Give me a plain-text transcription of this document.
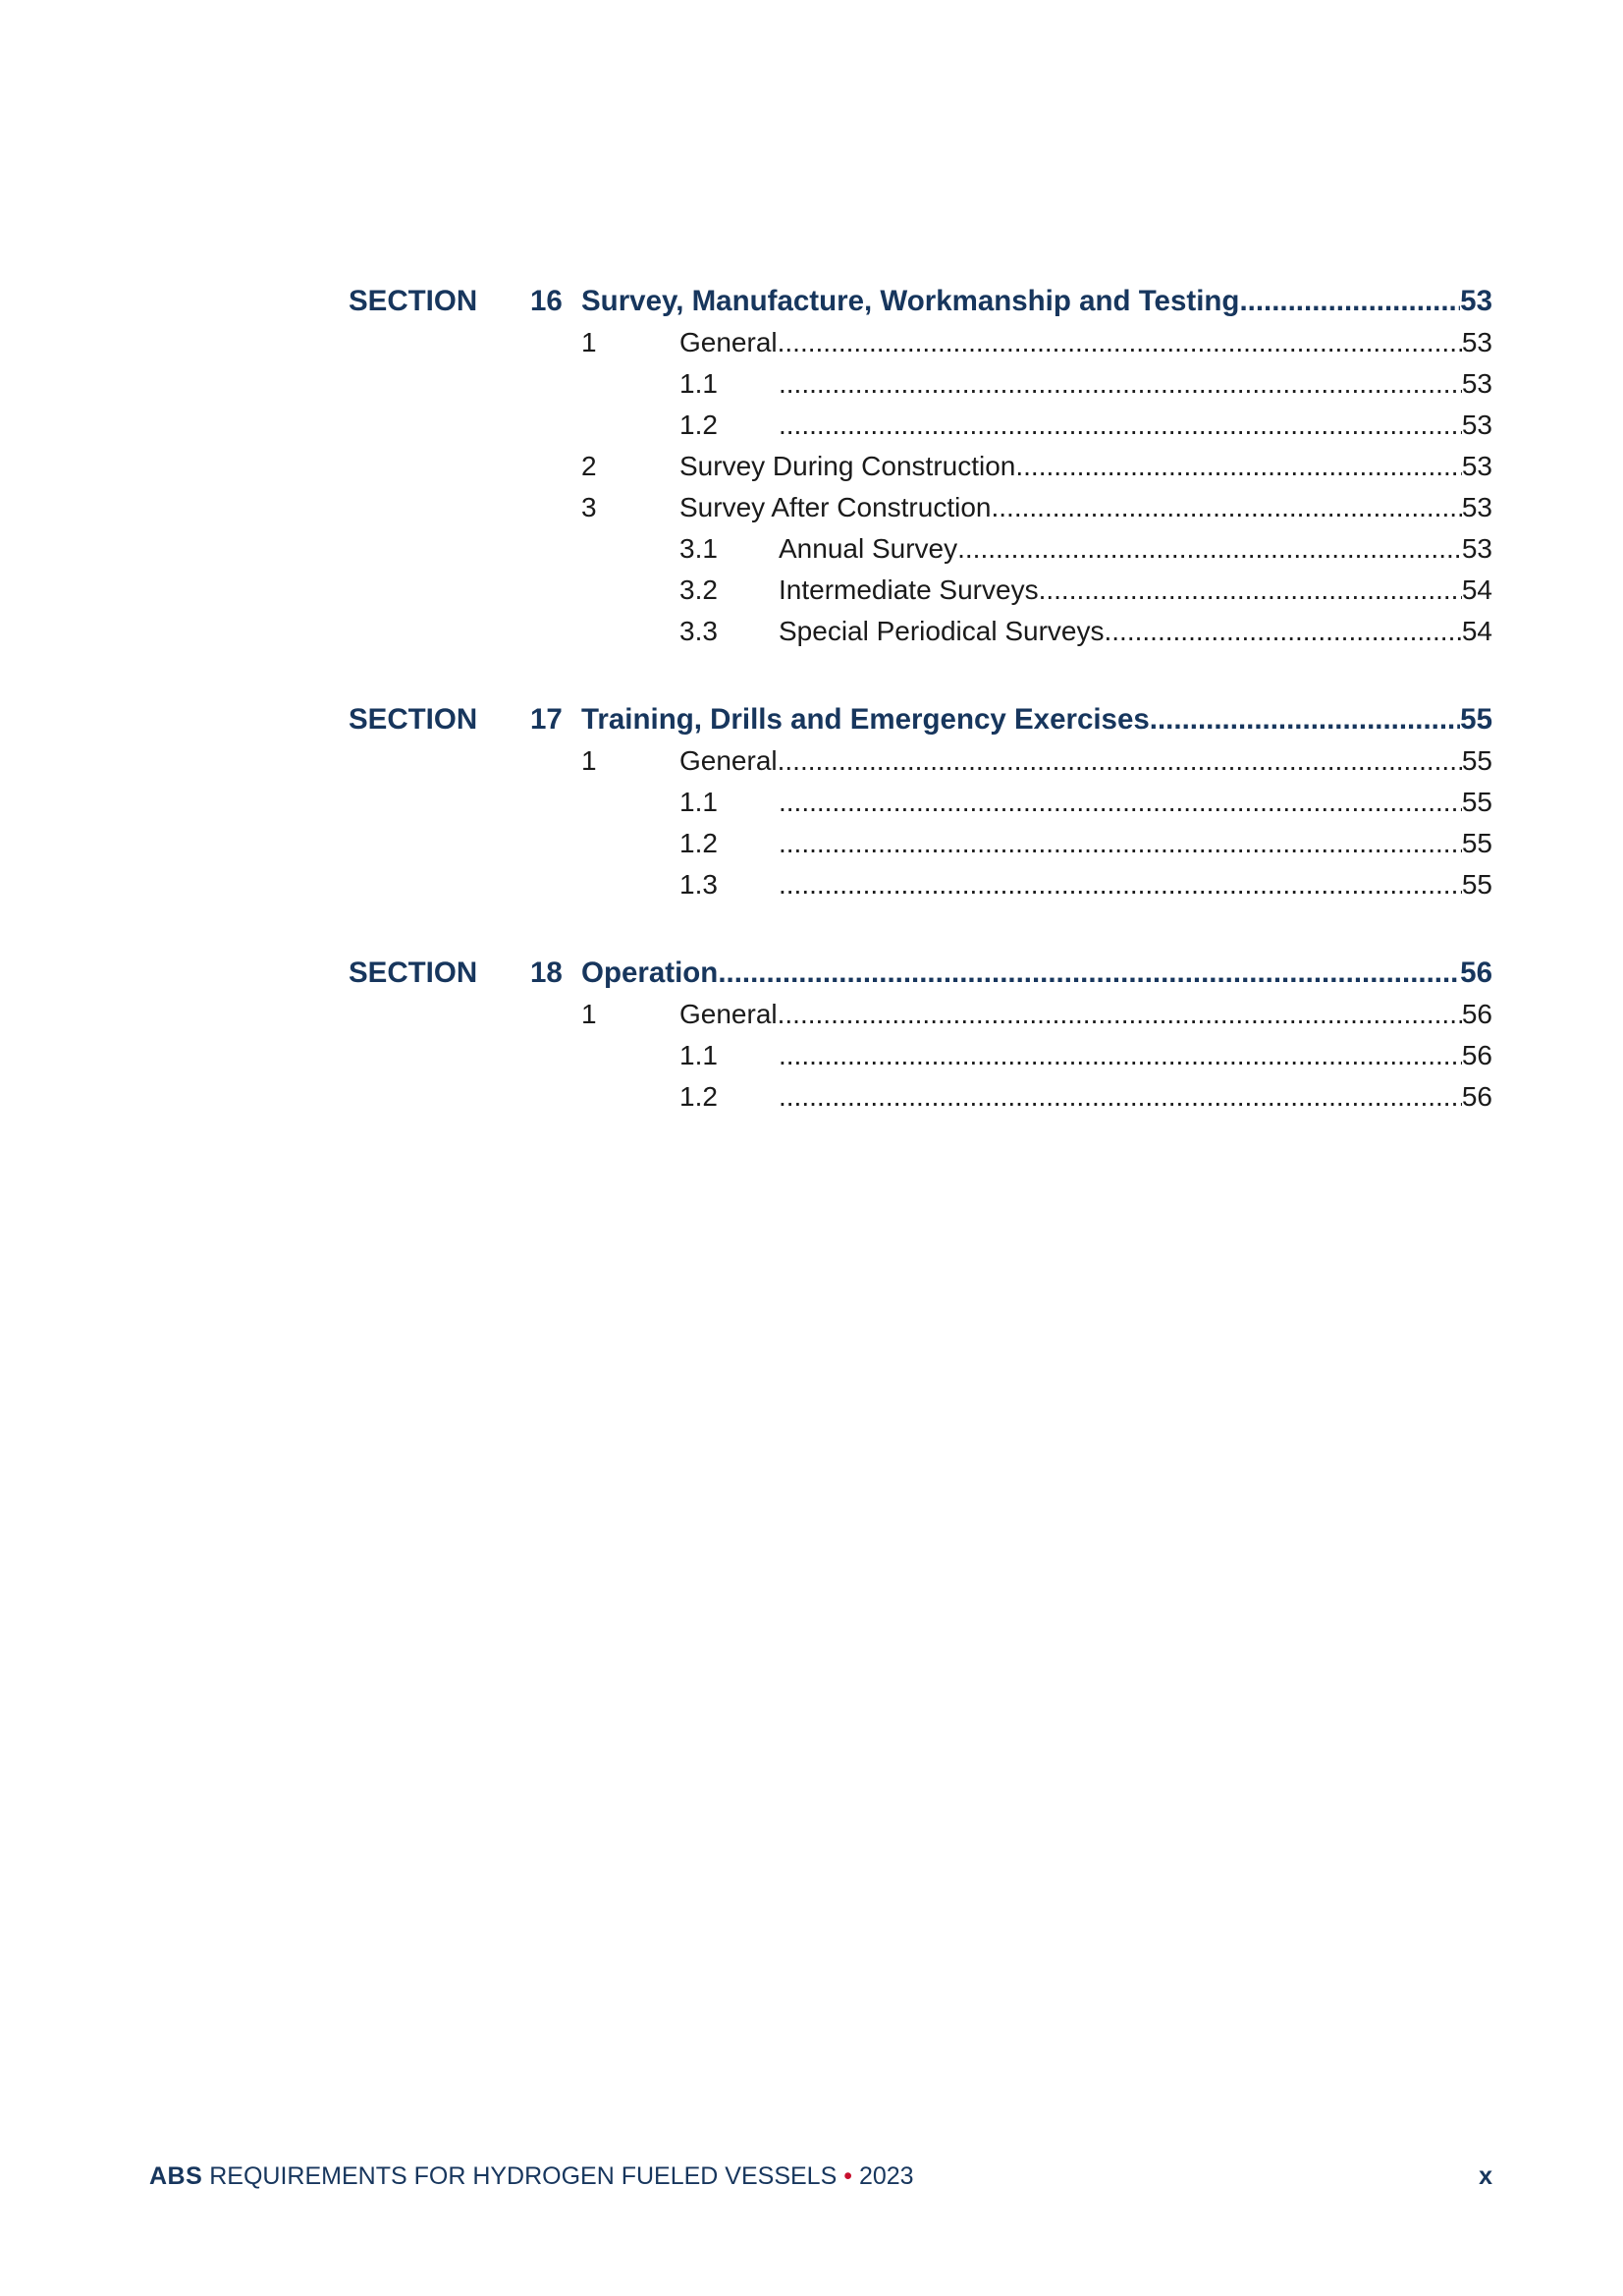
SECTION 16 Survey, Manufacture, Workmanship and Testing .....	53
1	General .....	53
1.1 .....	53
1.2 .....	53
2	Survey During Construction .....	53
3	Survey After Construction .....	53
3.1 Annual Survey .....	53
3.2 Intermediate Surveys .....	54
3.3 Special Periodical Surveys .....	54
SECTION 17 Training, Drills and Emergency Exercises .....	55
1	General .....	55
1.1 .....	55
1.2 .....	55
1.3 .....	55
SECTION 18 Operation .....	56
1	General .....	56
1.1 .....	56
1.2 .....	56
ABS REQUIREMENTS FOR HYDROGEN FUELED VESSELS • 2023	x
